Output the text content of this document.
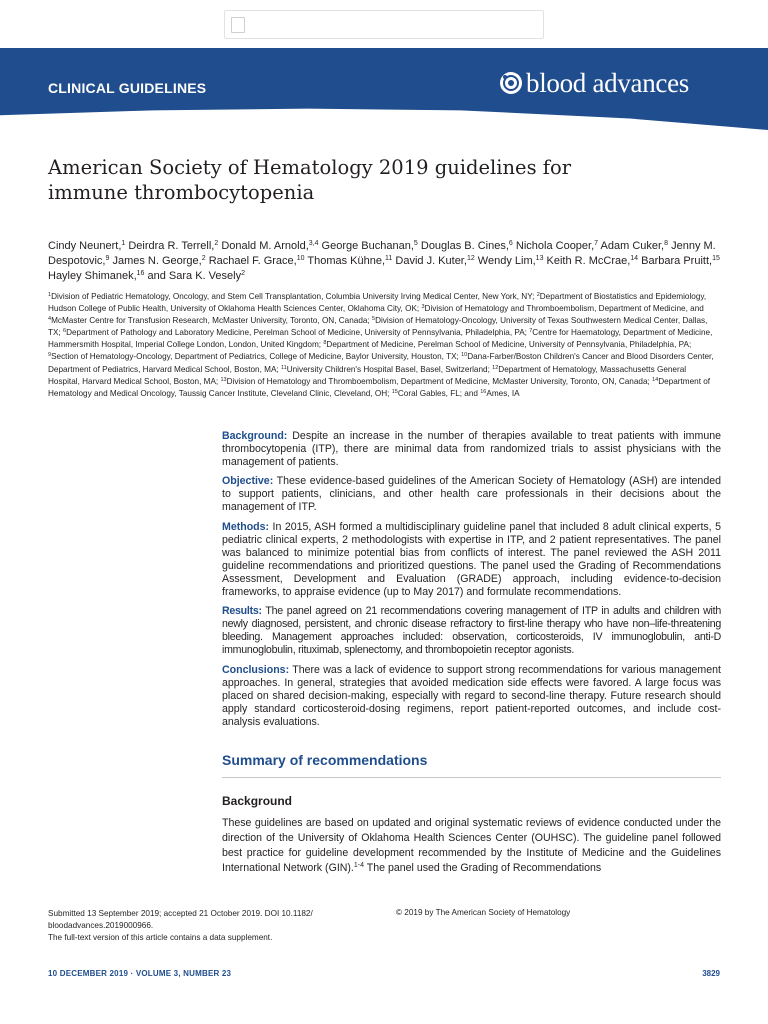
CLINICAL GUIDELINES	blood advances
American Society of Hematology 2019 guidelines for immune thrombocytopenia
Cindy Neunert,$^1$ Deirdra R. Terrell,$^2$ Donald M. Arnold,$^{3,4}$ George Buchanan,$^5$ Douglas B. Cines,$^6$ Nichola Cooper,$^7$ Adam Cuker,$^8$ Jenny M. Despotovic,$^9$ James N. George,$^2$ Rachael F. Grace,$^{10}$ Thomas Kühne,$^{11}$ David J. Kuter,$^{12}$ Wendy Lim,$^{13}$ Keith R. McCrae,$^{14}$ Barbara Pruitt,$^{15}$ Hayley Shimanek,$^{16}$ and Sara K. Vesely$^2$
$^1$Division of Pediatric Hematology, Oncology, and Stem Cell Transplantation, Columbia University Irving Medical Center, New York, NY; $^2$Department of Biostatistics and Epidemiology, Hudson College of Public Health, University of Oklahoma Health Sciences Center, Oklahoma City, OK; $^3$Division of Hematology and Thromboembolism, Department of Medicine, and $^4$McMaster Centre for Transfusion Research, McMaster University, Toronto, ON, Canada; $^5$Division of Hematology-Oncology, University of Texas Southwestern Medical Center, Dallas, TX; $^6$Department of Pathology and Laboratory Medicine, Perelman School of Medicine, University of Pennsylvania, Philadelphia, PA; $^7$Centre for Haematology, Department of Medicine, Hammersmith Hospital, Imperial College London, London, United Kingdom; $^8$Department of Medicine, Perelman School of Medicine, University of Pennsylvania, Philadelphia, PA; $^9$Section of Hematology-Oncology, Department of Pediatrics, College of Medicine, Baylor University, Houston, TX; $^{10}$Dana-Farber/Boston Children's Cancer and Blood Disorders Center, Department of Pediatrics, Harvard Medical School, Boston, MA; $^{11}$University Children's Hospital Basel, Basel, Switzerland; $^{12}$Department of Hematology, Massachusetts General Hospital, Harvard Medical School, Boston, MA; $^{13}$Division of Hematology and Thromboembolism, Department of Medicine, McMaster University, Toronto, ON, Canada; $^{14}$Department of Hematology and Medical Oncology, Taussig Cancer Institute, Cleveland Clinic, Cleveland, OH; $^{15}$Coral Gables, FL; and $^{16}$Ames, IA

Background: Despite an increase in the number of therapies available to treat patients with immune thrombocytopenia (ITP), there are minimal data from randomized trials to assist physicians with the management of patients.

Objective: These evidence-based guidelines of the American Society of Hematology (ASH) are intended to support patients, clinicians, and other health care professionals in their decisions about the management of ITP.

Methods: In 2015, ASH formed a multidisciplinary guideline panel that included 8 adult clinical experts, 5 pediatric clinical experts, 2 methodologists with expertise in ITP, and 2 patient representatives. The panel was balanced to minimize potential bias from conflicts of interest. The panel reviewed the ASH 2011 guideline recommendations and prioritized questions. The panel used the Grading of Recommendations Assessment, Development and Evaluation (GRADE) approach, including evidence-to-decision frameworks, to appraise evidence (up to May 2017) and formulate recommendations.

Results: The panel agreed on 21 recommendations covering management of ITP in adults and children with newly diagnosed, persistent, and chronic disease refractory to first-line therapy who have non–life-threatening bleeding. Management approaches included: observation, corticosteroids, IV immunoglobulin, anti-D immunoglobulin, rituximab, splenectomy, and thrombopoietin receptor agonists.

Conclusions: There was a lack of evidence to support strong recommendations for various management approaches. In general, strategies that avoided medication side effects were favored. A large focus was placed on shared decision-making, especially with regard to second-line therapy. Future research should apply standard corticosteroid-dosing regimens, report patient-reported outcomes, and include cost-analysis evaluations.

Summary of recommendations
Background

These guidelines are based on updated and original systematic reviews of evidence conducted under the direction of the University of Oklahoma Health Sciences Center (OUHSC). The guideline panel followed best practice for guideline development recommended by the Institute of Medicine and the Guidelines International Network (GIN).$^{1-4}$ The panel used the Grading of Recommendations

Submitted 13 September 2019; accepted 21 October 2019. DOI 10.1182/
bloodadvances.2019000966.
The full-text version of this article contains a data supplement.
© 2019 by The American Society of Hematology
10 DECEMBER 2019 · VOLUME 3, NUMBER 23	3829
